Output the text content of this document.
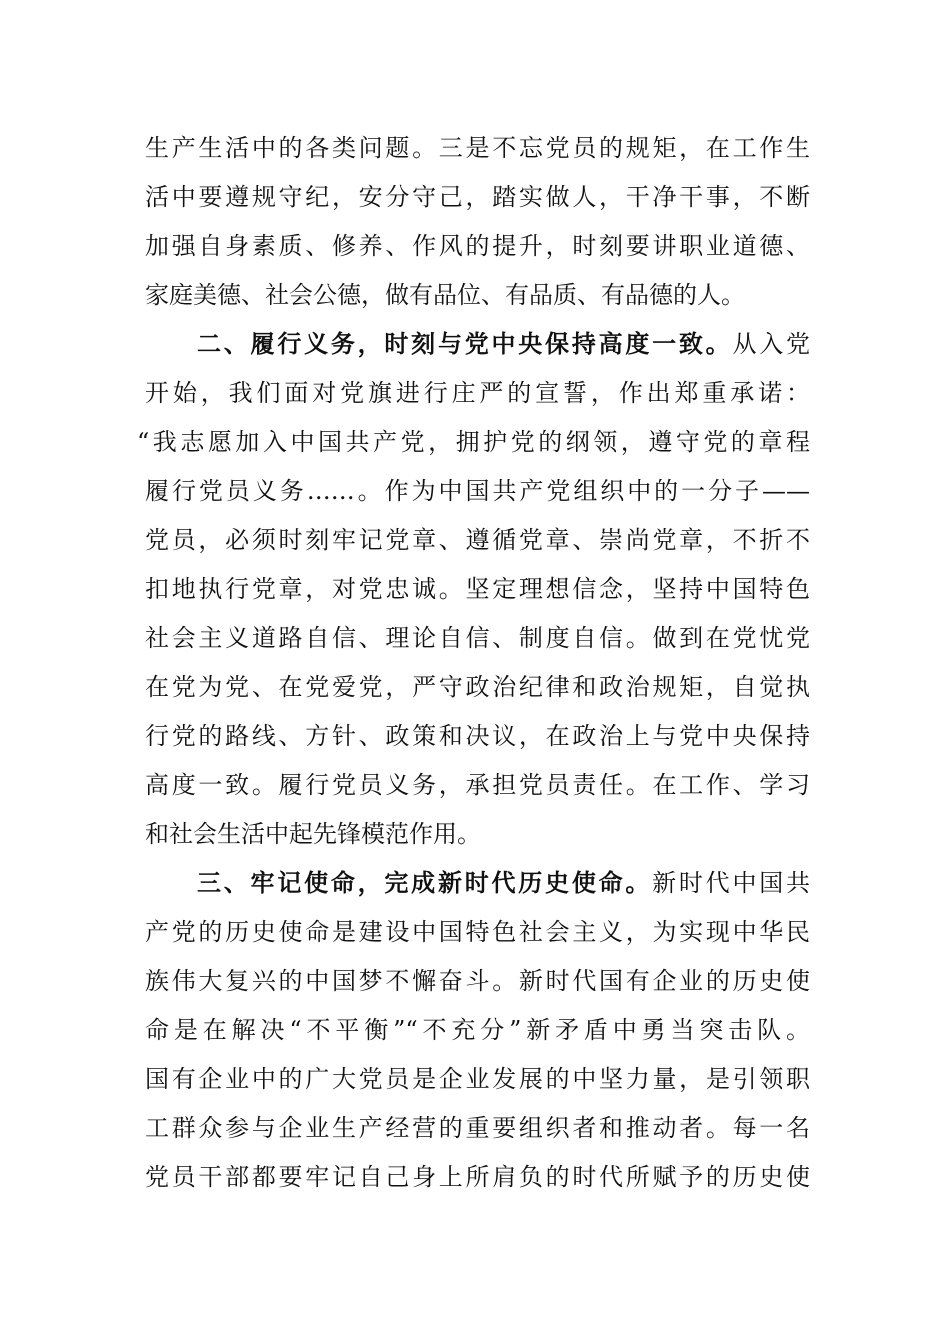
生产生活中的各类问题。三是不忘党员的规矩，在工作生
活中要遵规守纪，安分守己，踏实做人，干净干事，不断
加强自身素质、修养、作风的提升，时刻要讲职业道德、
家庭美德、社会公德，做有品位、有品质、有品德的人。
二、履行义务，时刻与党中央保持高度一致。从入党
开始，我们面对党旗进行庄严的宣誓，作出郑重承诺：
“我志愿加入中国共产党，拥护党的纲领，遵守党的章程
履行党员义务……。作为中国共产党组织中的一分子——
党员，必须时刻牢记党章、遵循党章、崇尚党章，不折不
扣地执行党章，对党忠诚。坚定理想信念，坚持中国特色
社会主义道路自信、理论自信、制度自信。做到在党忧党
在党为党、在党爱党，严守政治纪律和政治规矩，自觉执
行党的路线、方针、政策和决议，在政治上与党中央保持
高度一致。履行党员义务，承担党员责任。在工作、学习
和社会生活中起先锋模范作用。
三、牢记使命，完成新时代历史使命。新时代中国共
产党的历史使命是建设中国特色社会主义，为实现中华民
族伟大复兴的中国梦不懈奋斗。新时代国有企业的历史使
命是在解决“不平衡”“不充分”新矛盾中勇当突击队。
国有企业中的广大党员是企业发展的中坚力量，是引领职
工群众参与企业生产经营的重要组织者和推动者。每一名
党员干部都要牢记自己身上所肩负的时代所赋予的历史使
